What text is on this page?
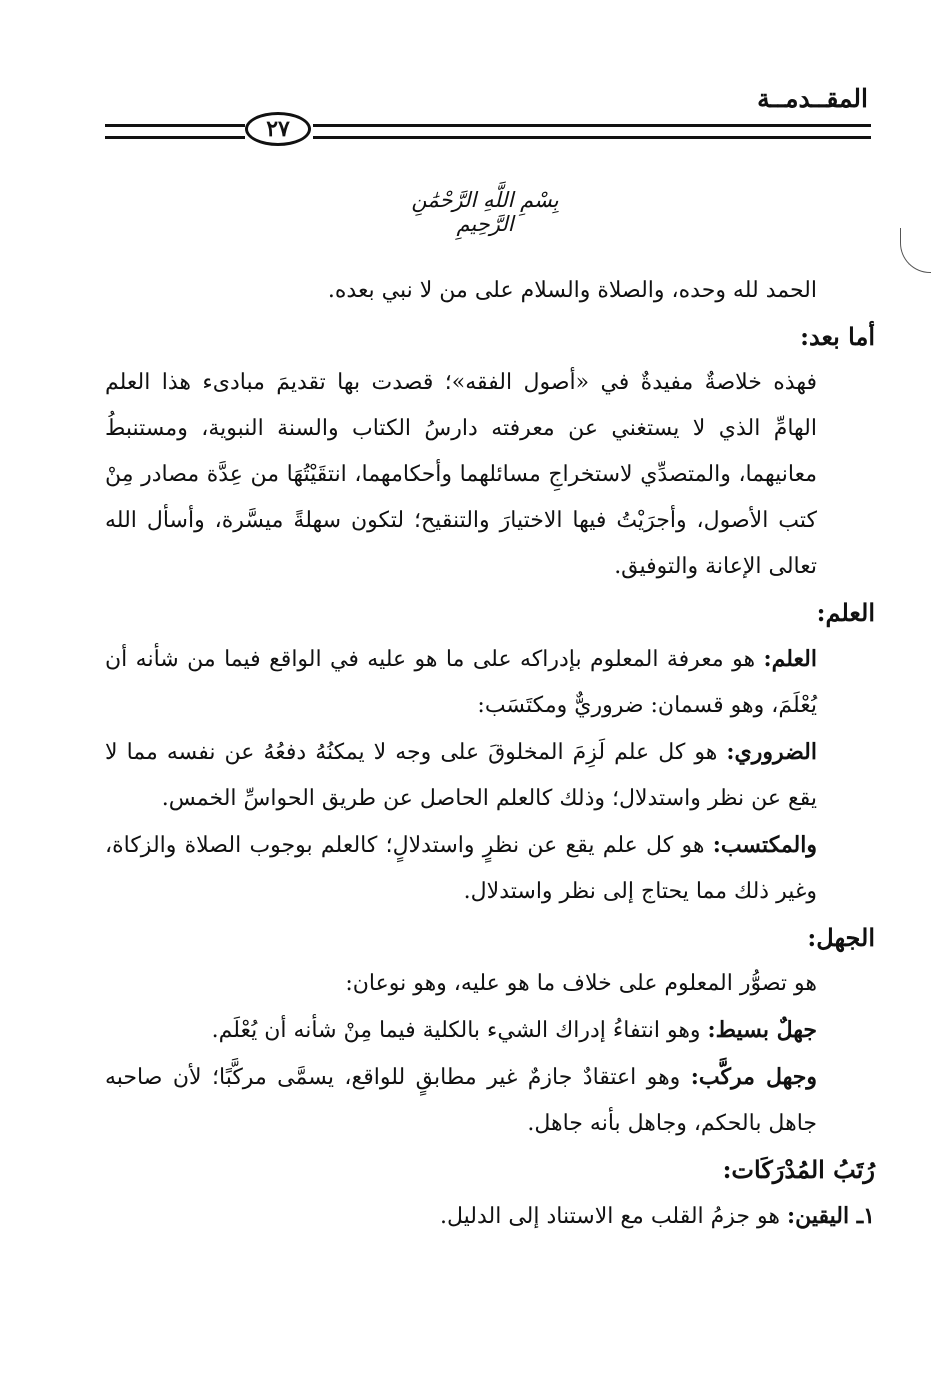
المقــدمــة
٢٧
بِسْمِ اللَّهِ الرَّحْمَٰنِ الرَّحِيمِ

الحمد لله وحده، والصلاة والسلام على من لا نبي بعده.

أما بعد:

فهذه خلاصةٌ مفيدةٌ في «أصول الفقه»؛ قصدت بها تقديمَ مبادىء هذا العلم الهامِّ الذي لا يستغني عن معرفته دارسُ الكتاب والسنة النبوية، ومستنبطُ معانيهما، والمتصدِّي لاستخراجِ مسائلهما وأحكامهما، انتقَيْتُهَا من عِدَّة مصادر مِنْ كتب الأصول، وأجرَيْتُ فيها الاختيارَ والتنقيح؛ لتكون سهلةً ميسَّرة، وأسأل الله تعالى الإعانة والتوفيق.

العلم:

العلم: هو معرفة المعلوم بإدراكه على ما هو عليه في الواقع فيما من شأنه أن يُعْلَمَ، وهو قسمان: ضروريٌّ ومكتَسَب:

الضروري: هو كل علم لَزِمَ المخلوقَ على وجه لا يمكنُهُ دفعُهُ عن نفسه مما لا يقع عن نظر واستدلال؛ وذلك كالعلم الحاصل عن طريق الحواسِّ الخمس.

والمكتسب: هو كل علم يقع عن نظرٍ واستدلالٍ؛ كالعلم بوجوب الصلاة والزكاة، وغير ذلك مما يحتاج إلى نظر واستدلال.

الجهل:

هو تصوُّر المعلوم على خلاف ما هو عليه، وهو نوعان:

جهلٌ بسيط: وهو انتفاءُ إدراك الشيء بالكلية فيما مِنْ شأنه أن يُعْلَم.

وجهل مركَّب: وهو اعتقادٌ جازمٌ غير مطابقٍ للواقع، يسمَّى مركَّبًا؛ لأن صاحبه جاهل بالحكم، وجاهل بأنه جاهل.

رُتَبُ المُدْرَكَات:

١ـ اليقين: هو جزمُ القلب مع الاستناد إلى الدليل.
